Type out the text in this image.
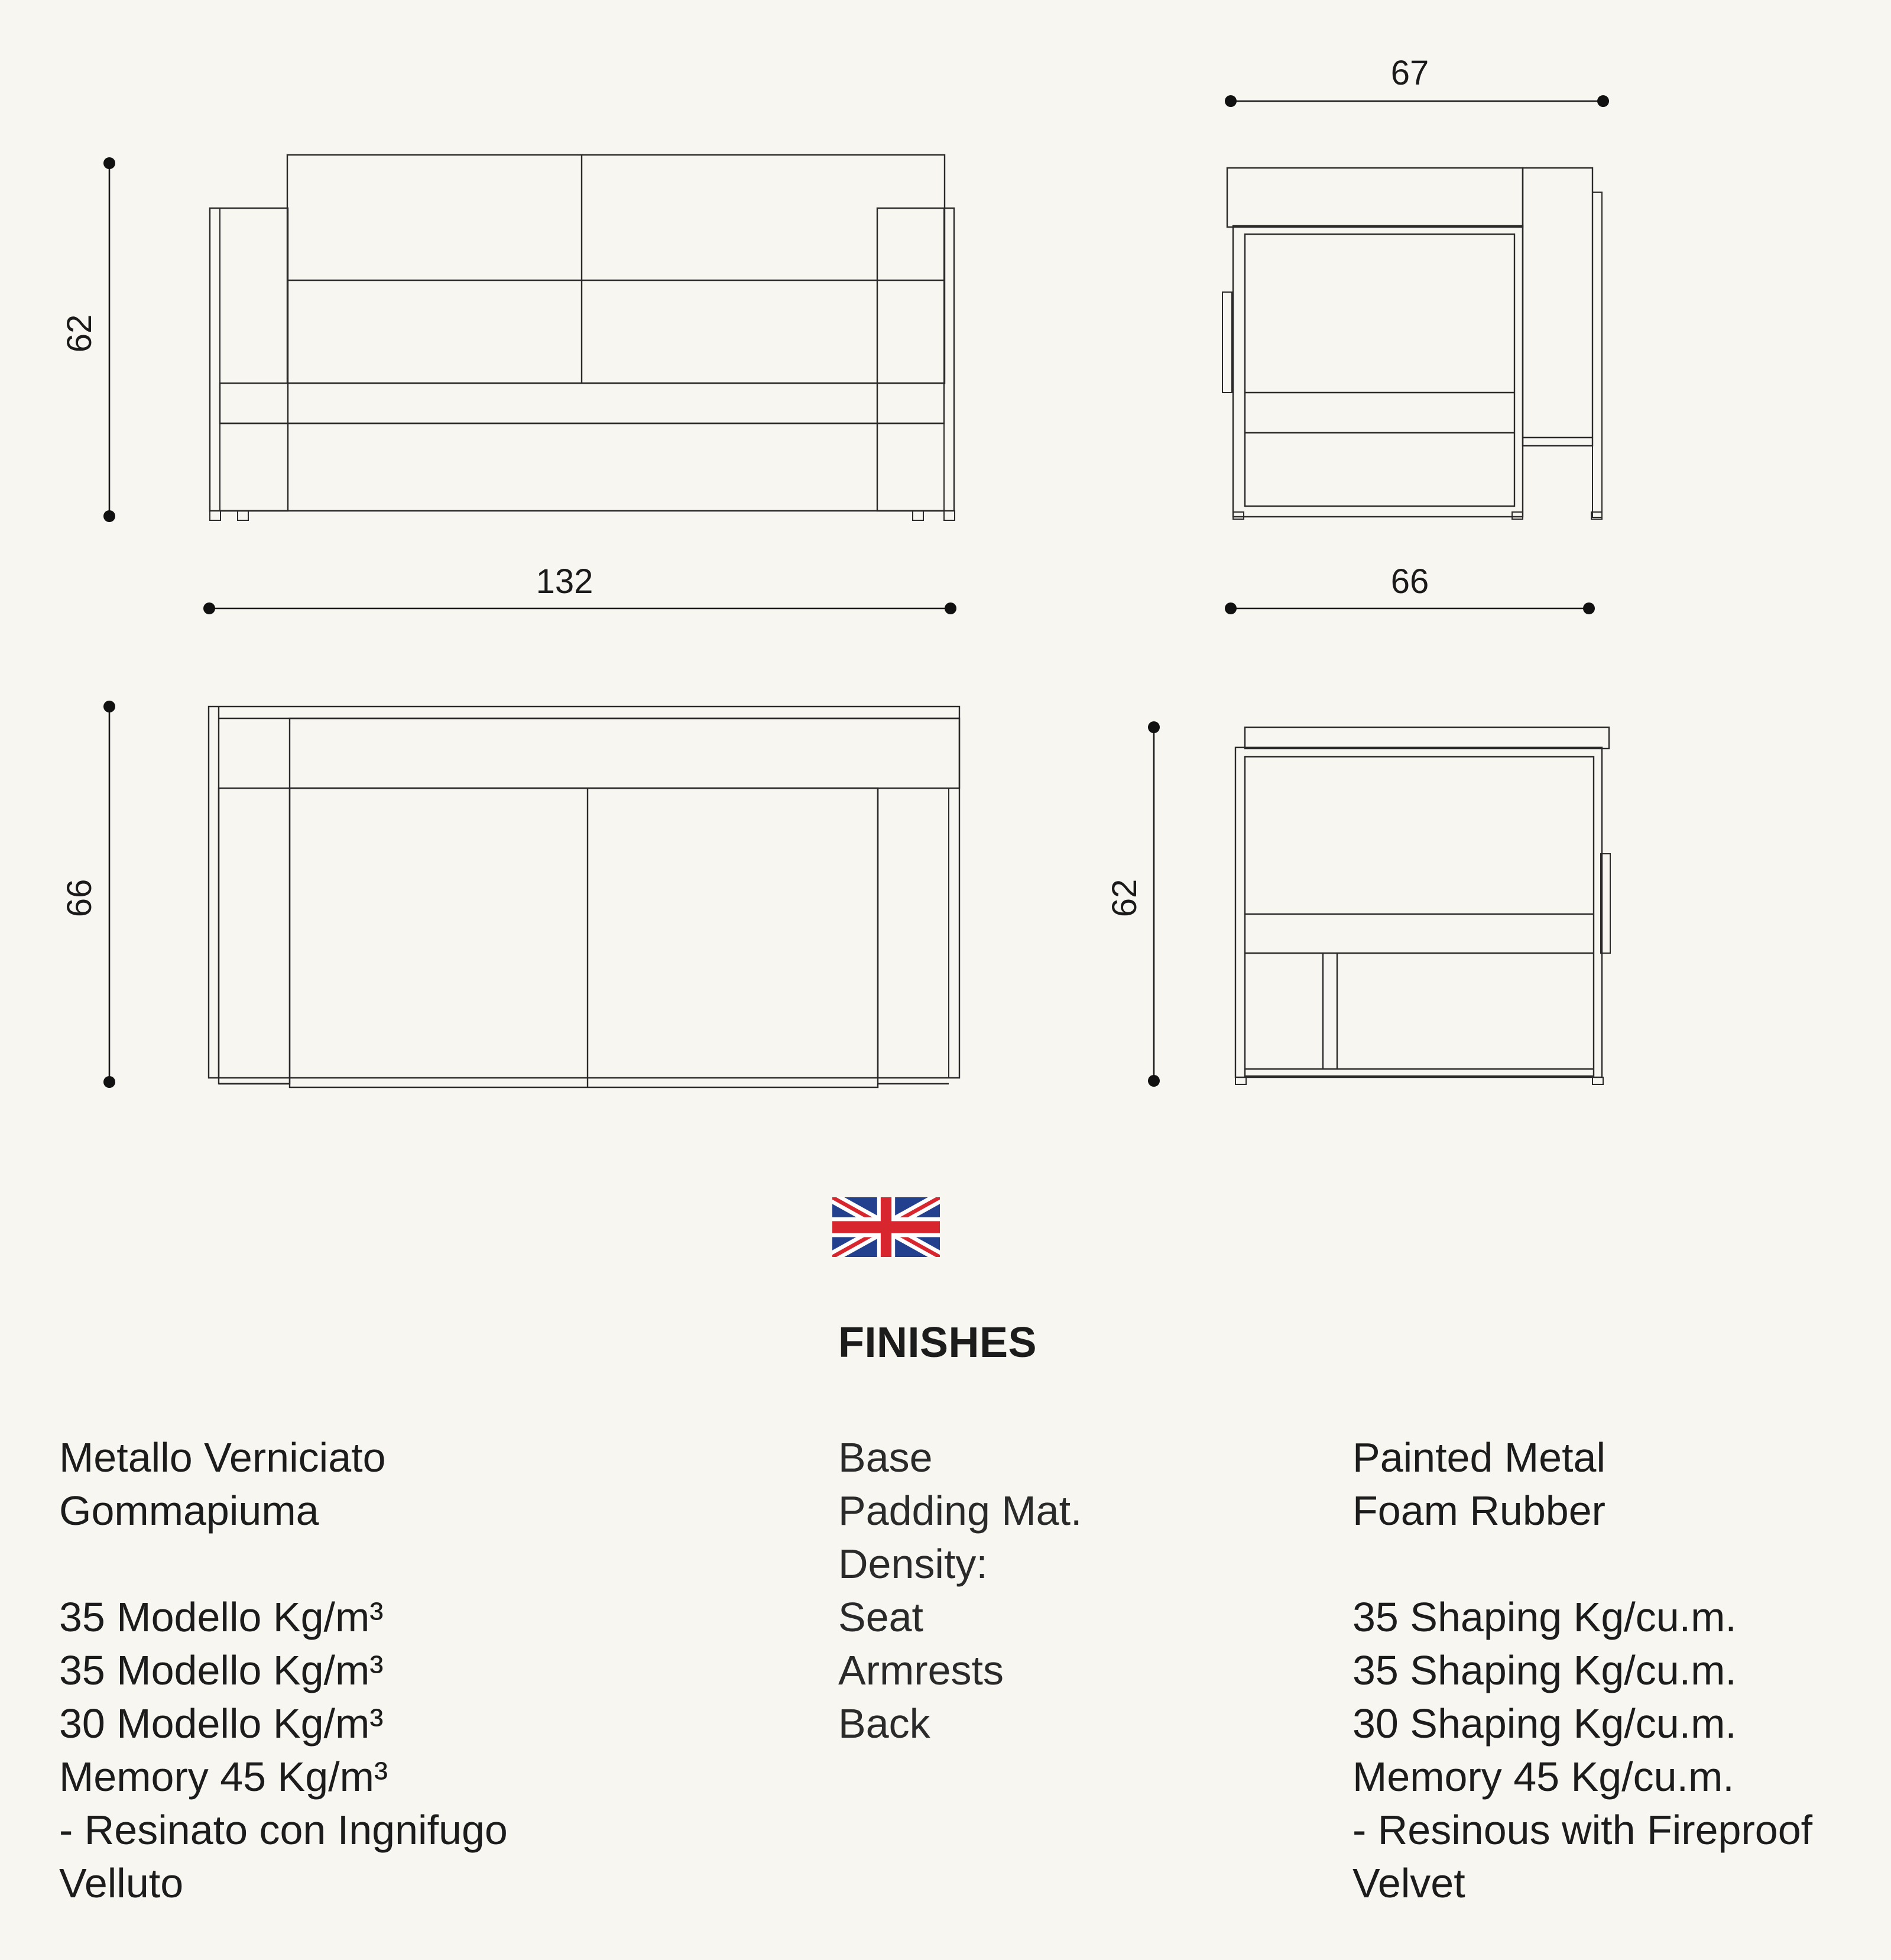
62
132
67
66
66	62
FINISHES
Metallo Verniciato
Gommapiuma
35 Modello Kg/m³
35 Modello Kg/m³
30 Modello Kg/m³
Memory 45 Kg/m³
- Resinato con Ingnifugo
Velluto
Base
Padding Mat.
Density:
Seat
Armrests
Back
Painted Metal
Foam Rubber
35 Shaping Kg/cu.m.
35 Shaping Kg/cu.m.
30 Shaping Kg/cu.m.
Memory 45 Kg/cu.m.
- Resinous with Fireproof
Velvet
